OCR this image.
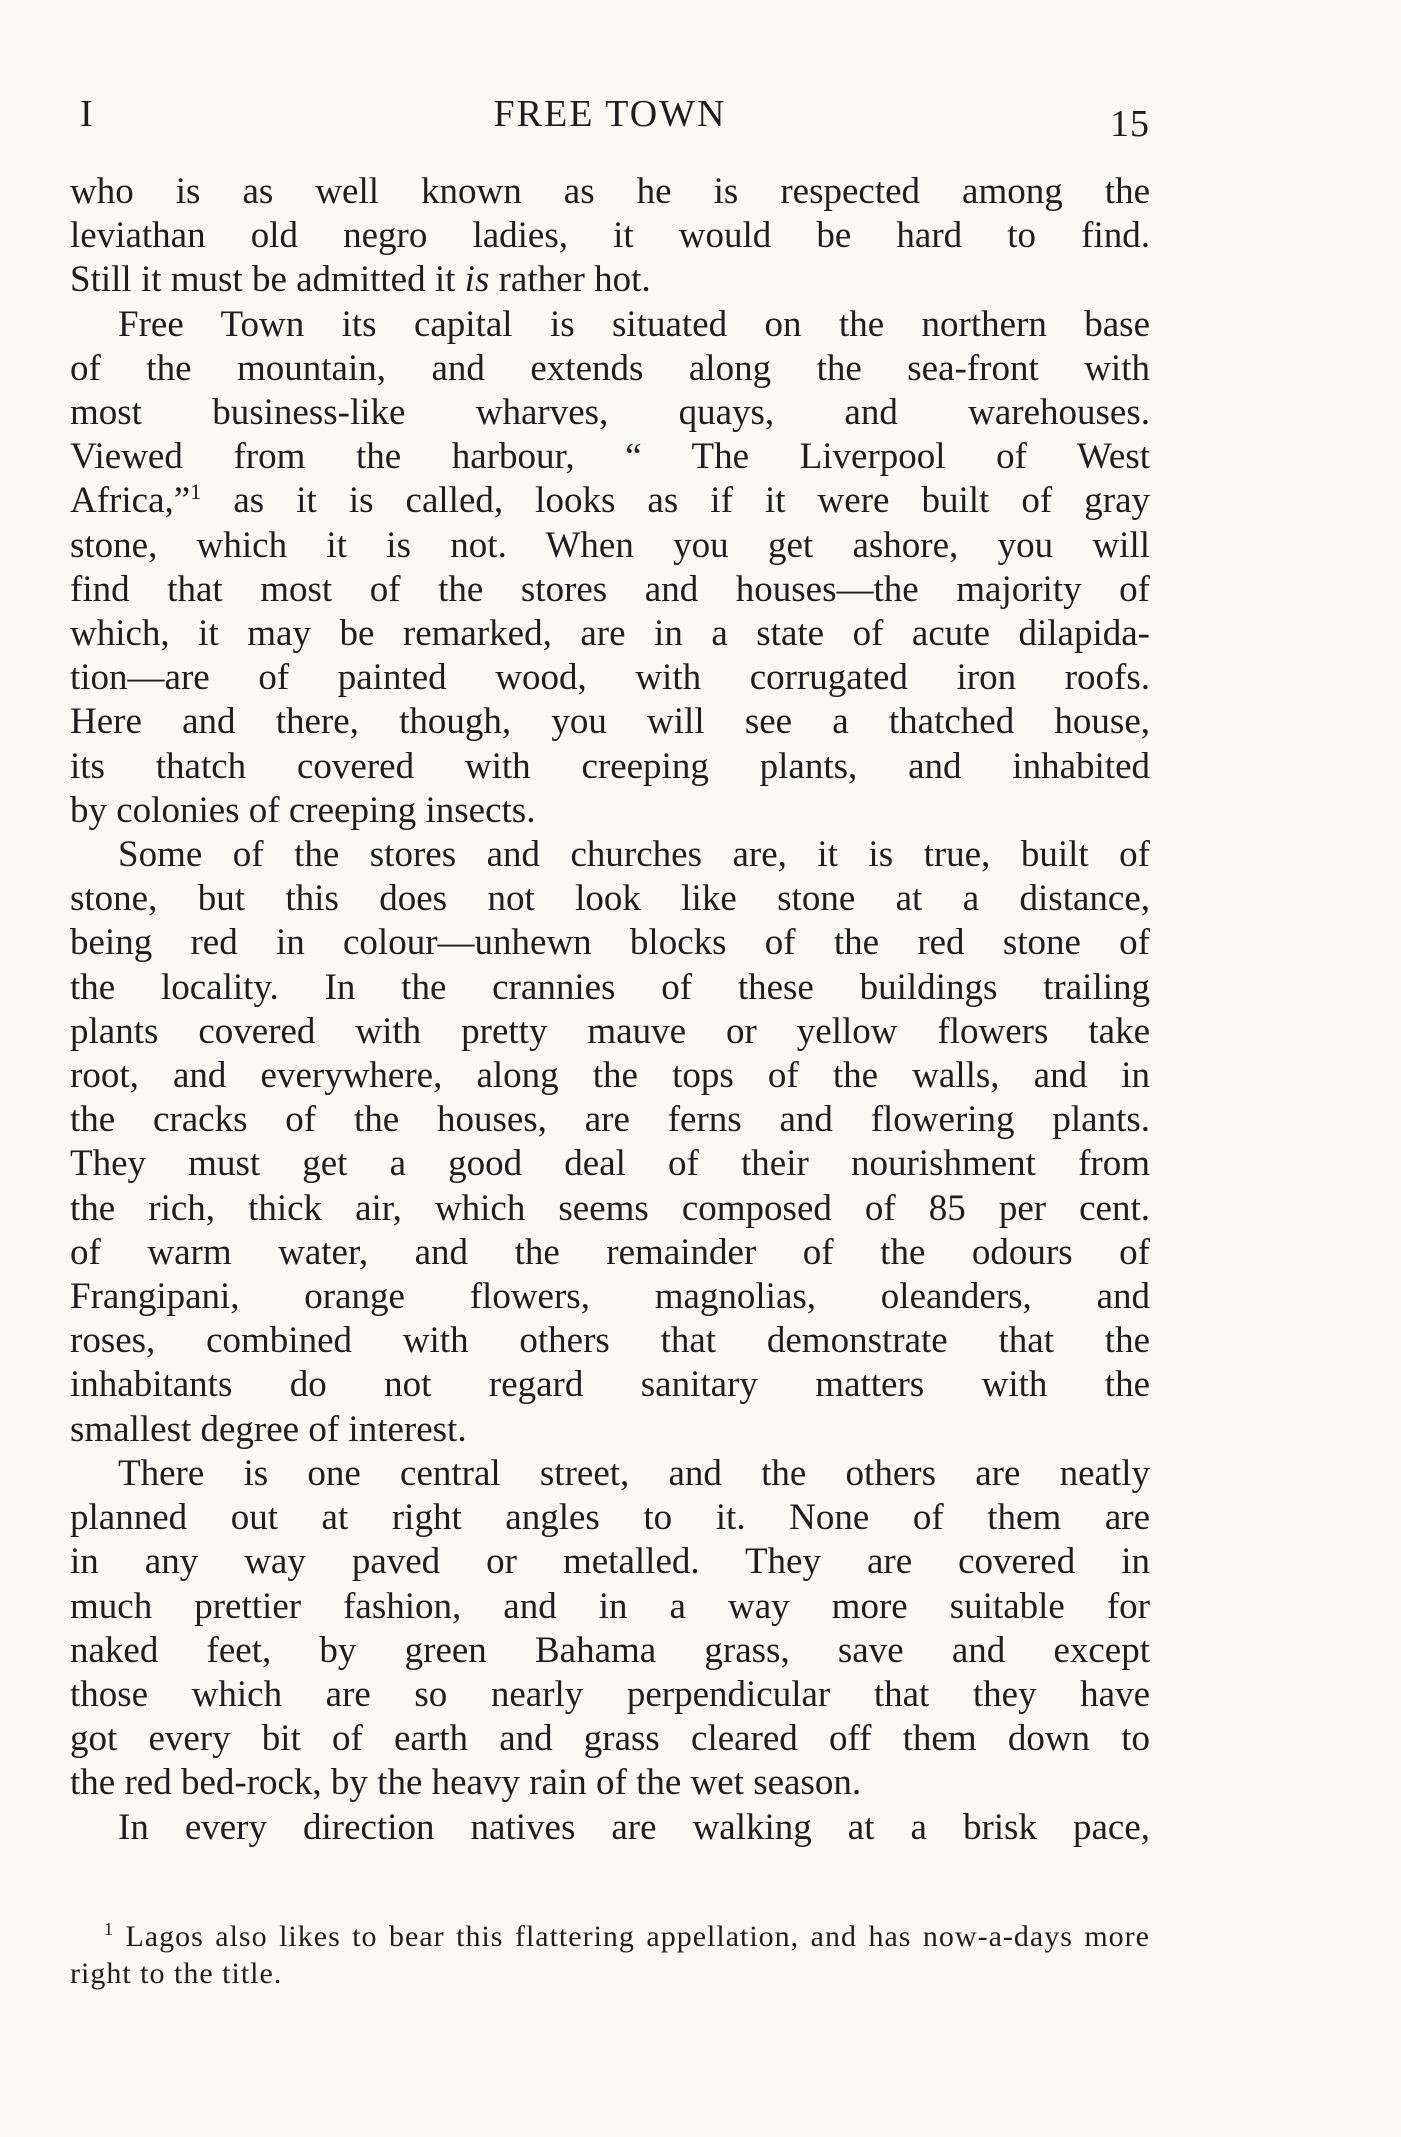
I	FREE TOWN	15

who is as well known as he is respected among the

leviathan old negro ladies, it would be hard to find.

Still it must be admitted it is rather hot.

Free Town its capital is situated on the northern base

of the mountain, and extends along the sea-front with

most business-like wharves, quays, and warehouses.

Viewed from the harbour, “ The Liverpool of West

Africa,”$^1$ as it is called, looks as if it were built of gray

stone, which it is not. When you get ashore, you will

find that most of the stores and houses—the majority of

which, it may be remarked, are in a state of acute dilapida-

tion—are of painted wood, with corrugated iron roofs.

Here and there, though, you will see a thatched house,

its thatch covered with creeping plants, and inhabited

by colonies of creeping insects.

Some of the stores and churches are, it is true, built of

stone, but this does not look like stone at a distance,

being red in colour—unhewn blocks of the red stone of

the locality. In the crannies of these buildings trailing

plants covered with pretty mauve or yellow flowers take

root, and everywhere, along the tops of the walls, and in

the cracks of the houses, are ferns and flowering plants.

They must get a good deal of their nourishment from

the rich, thick air, which seems composed of 85 per cent.

of warm water, and the remainder of the odours of

Frangipani, orange flowers, magnolias, oleanders, and

roses, combined with others that demonstrate that the

inhabitants do not regard sanitary matters with the

smallest degree of interest.

There is one central street, and the others are neatly

planned out at right angles to it. None of them are

in any way paved or metalled. They are covered in

much prettier fashion, and in a way more suitable for

naked feet, by green Bahama grass, save and except

those which are so nearly perpendicular that they have

got every bit of earth and grass cleared off them down to

the red bed-rock, by the heavy rain of the wet season.

In every direction natives are walking at a brisk pace,

$^1$ Lagos also likes to bear this flattering appellation, and has now-a-days more right to the title.
